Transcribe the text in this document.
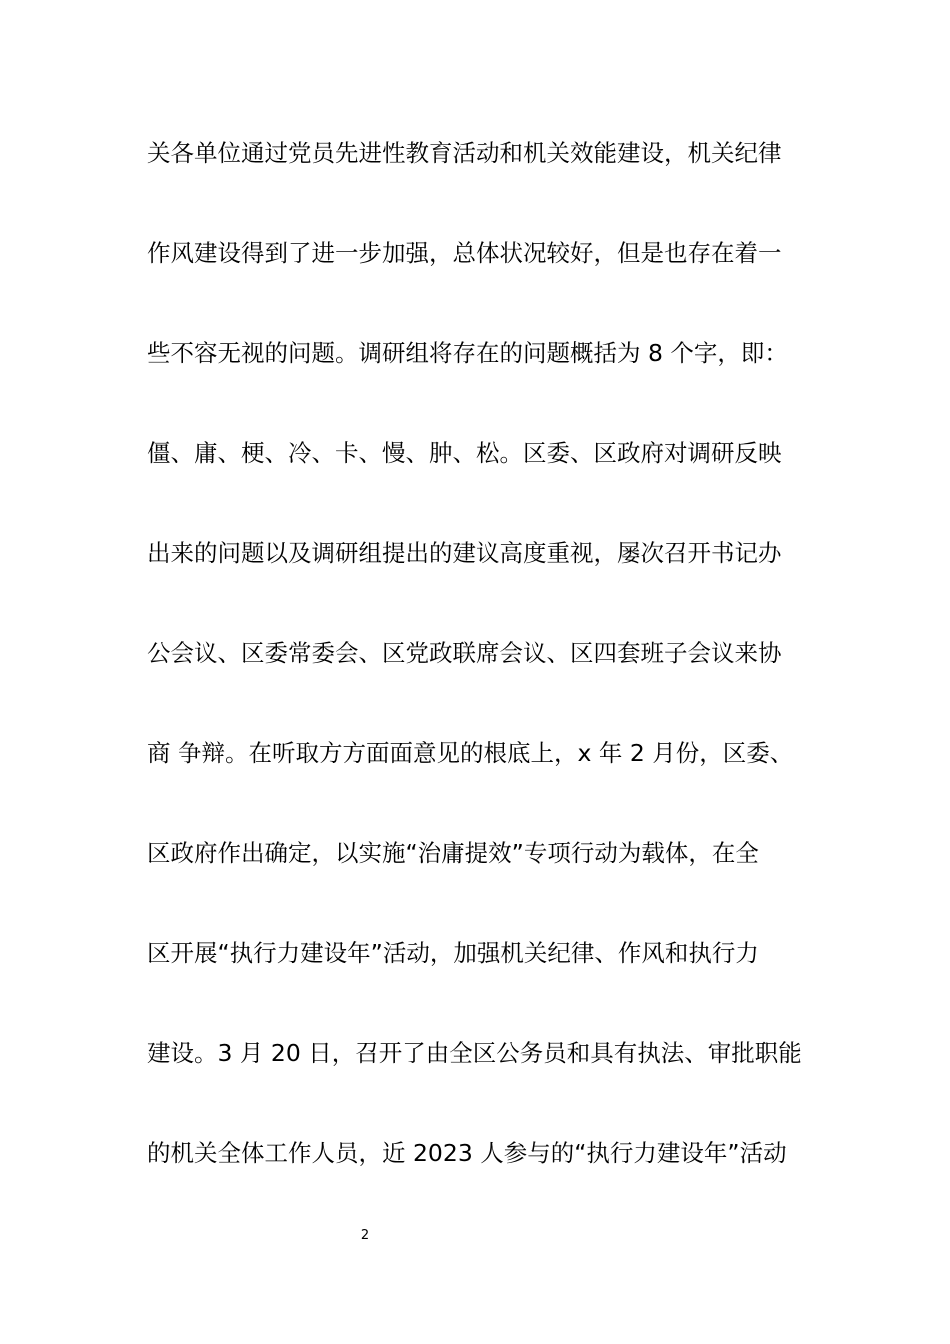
关各单位通过党员先进性教育活动和机关效能建设，机关纪律
作风建设得到了进一步加强，总体状况较好，但是也存在着一
些不容无视的问题。调研组将存在的问题概括为 8 个字，即：
僵、庸、梗、冷、卡、慢、肿、松。区委、区政府对调研反映
出来的问题以及调研组提出的建议高度重视，屡次召开书记办
公会议、区委常委会、区党政联席会议、区四套班子会议来协
商 争辩。在听取方方面面意见的根底上，x 年 2 月份，区委、
区政府作出确定，以实施“治庸提效”专项行动为载体，在全
区开展“执行力建设年”活动，加强机关纪律、作风和执行力
建设。3 月 20 日，召开了由全区公务员和具有执法、审批职能
的机关全体工作人员，近 2023 人参与的“执行力建设年”活动
2
